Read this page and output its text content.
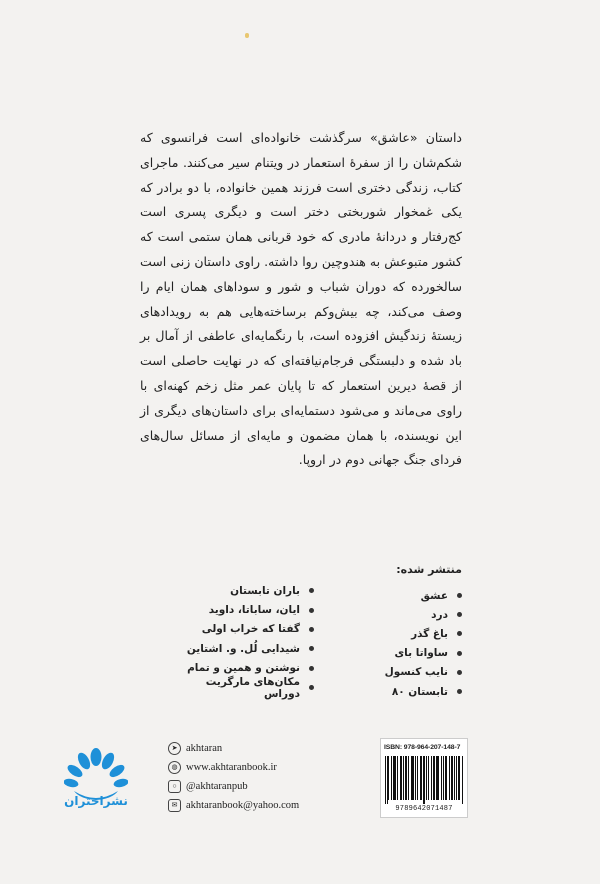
داستان «عاشق» سرگذشت خانواده‌ای است فرانسوی که شکم‌شان را از سفرهٔ استعمار در ویتنام سیر می‌کنند. ماجرای کتاب، زندگی دختری است فرزند همین خانواده، با دو برادر که یکی غمخوار شوربختی دختر است و دیگری پسری است کج‌رفتار و دردانهٔ مادری که خود قربانی همان ستمی است که کشور متبوعش به هندوچین روا داشته. راوی داستان زنی است سالخورده که دوران شباب و شور و سوداهای همان ایام را وصف می‌کند، چه بیش‌وکم برساخته‌هایی هم به رویدادهای زیستهٔ زندگیش افزوده است، با رنگمایه‌ای عاطفی از آمال بر باد شده و دلبستگی فرجام‌نیافته‌ای که در نهایت حاصلی است از قصهٔ دیرین استعمار که تا پایان عمر مثل زخم کهنه‌ای با راوی می‌ماند و می‌شود دستمایه‌ای برای داستان‌های دیگری از این نویسنده، با همان مضمون و مایه‌ای از مسائل سال‌های فردای جنگ جهانی دوم در اروپا.

منتشر شده:
عشق
درد
باغ گذر
ساواتا بای
نایب کنسول
تابستان ۸۰
باران تابستان
ایان، ساباتا، داوید
گفتا که خراب اولی
شیدایی لُل. و. اشتاین
نوشتن و همین و تمام
مکان‌های مارگریت دوراس
نشراختران
➤ akhtaran
◍ www.akhtaranbook.ir
○ @akhtaranpub
✉ akhtaranbook@yahoo.com
ISBN: 978-964-207-148-7
9789642071487
